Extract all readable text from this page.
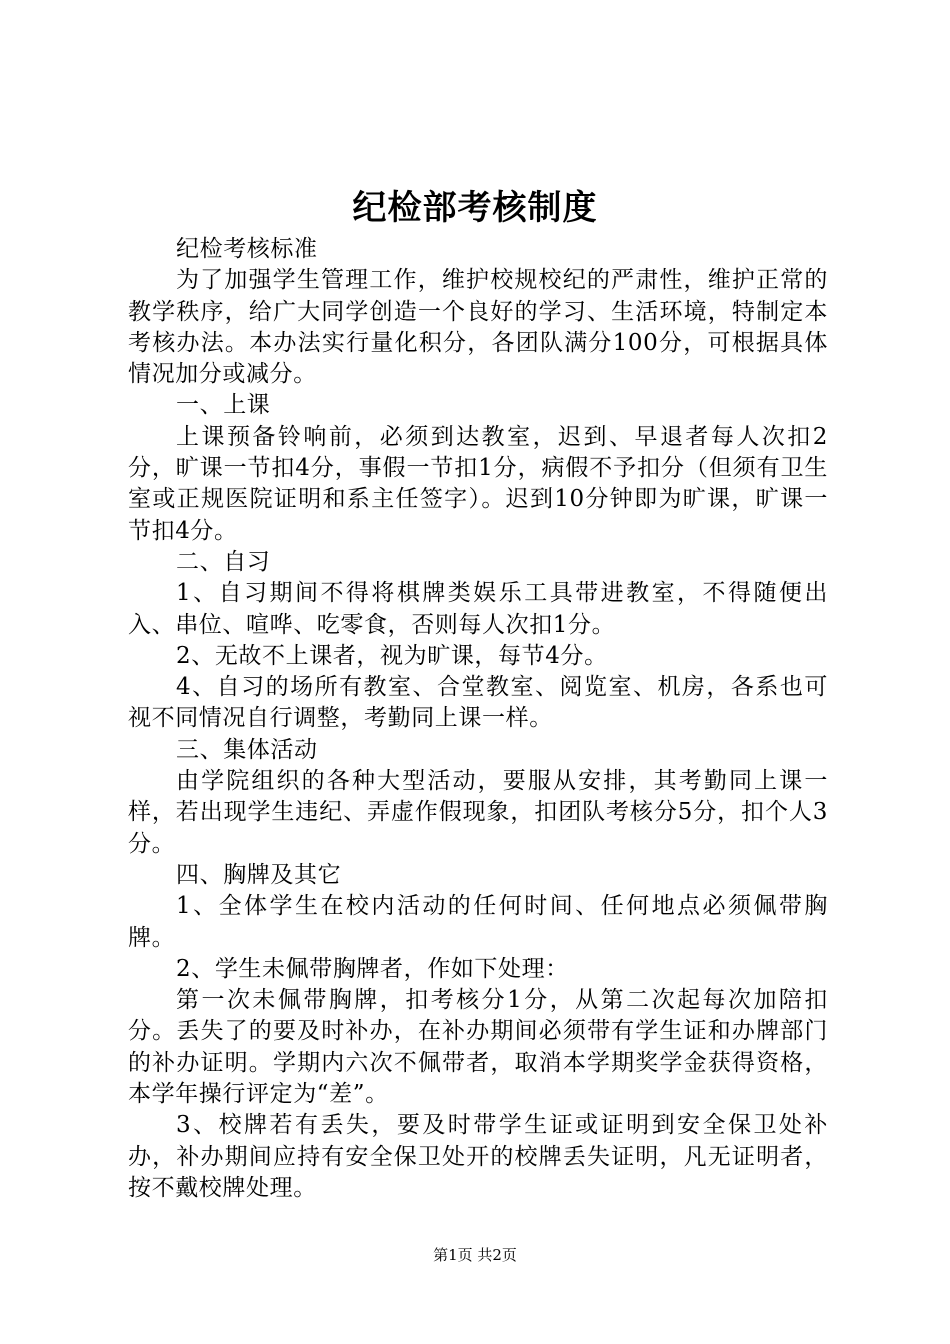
纪检部考核制度

纪检考核标准

为了加强学生管理工作，维护校规校纪的严肃性，维护正常的教学秩序，给广大同学创造一个良好的学习、生活环境，特制定本考核办法。本办法实行量化积分，各团队满分100分，可根据具体情况加分或减分。

一、上课

上课预备铃响前，必须到达教室，迟到、早退者每人次扣2分，旷课一节扣4分，事假一节扣1分，病假不予扣分（但须有卫生室或正规医院证明和系主任签字）。迟到10分钟即为旷课，旷课一节扣4分。

二、自习

1、自习期间不得将棋牌类娱乐工具带进教室，不得随便出入、串位、喧哗、吃零食，否则每人次扣1分。

2、无故不上课者，视为旷课，每节4分。

4、自习的场所有教室、合堂教室、阅览室、机房，各系也可视不同情况自行调整，考勤同上课一样。

三、集体活动

由学院组织的各种大型活动，要服从安排，其考勤同上课一样，若出现学生违纪、弄虚作假现象，扣团队考核分5分，扣个人3分。

四、胸牌及其它

1、全体学生在校内活动的任何时间、任何地点必须佩带胸牌。

2、学生未佩带胸牌者，作如下处理：

第一次未佩带胸牌，扣考核分1分，从第二次起每次加陪扣分。丢失了的要及时补办，在补办期间必须带有学生证和办牌部门的补办证明。学期内六次不佩带者，取消本学期奖学金获得资格，本学年操行评定为“差”。

3、校牌若有丢失，要及时带学生证或证明到安全保卫处补办，补办期间应持有安全保卫处开的校牌丢失证明，凡无证明者，按不戴校牌处理。

第1页 共2页
